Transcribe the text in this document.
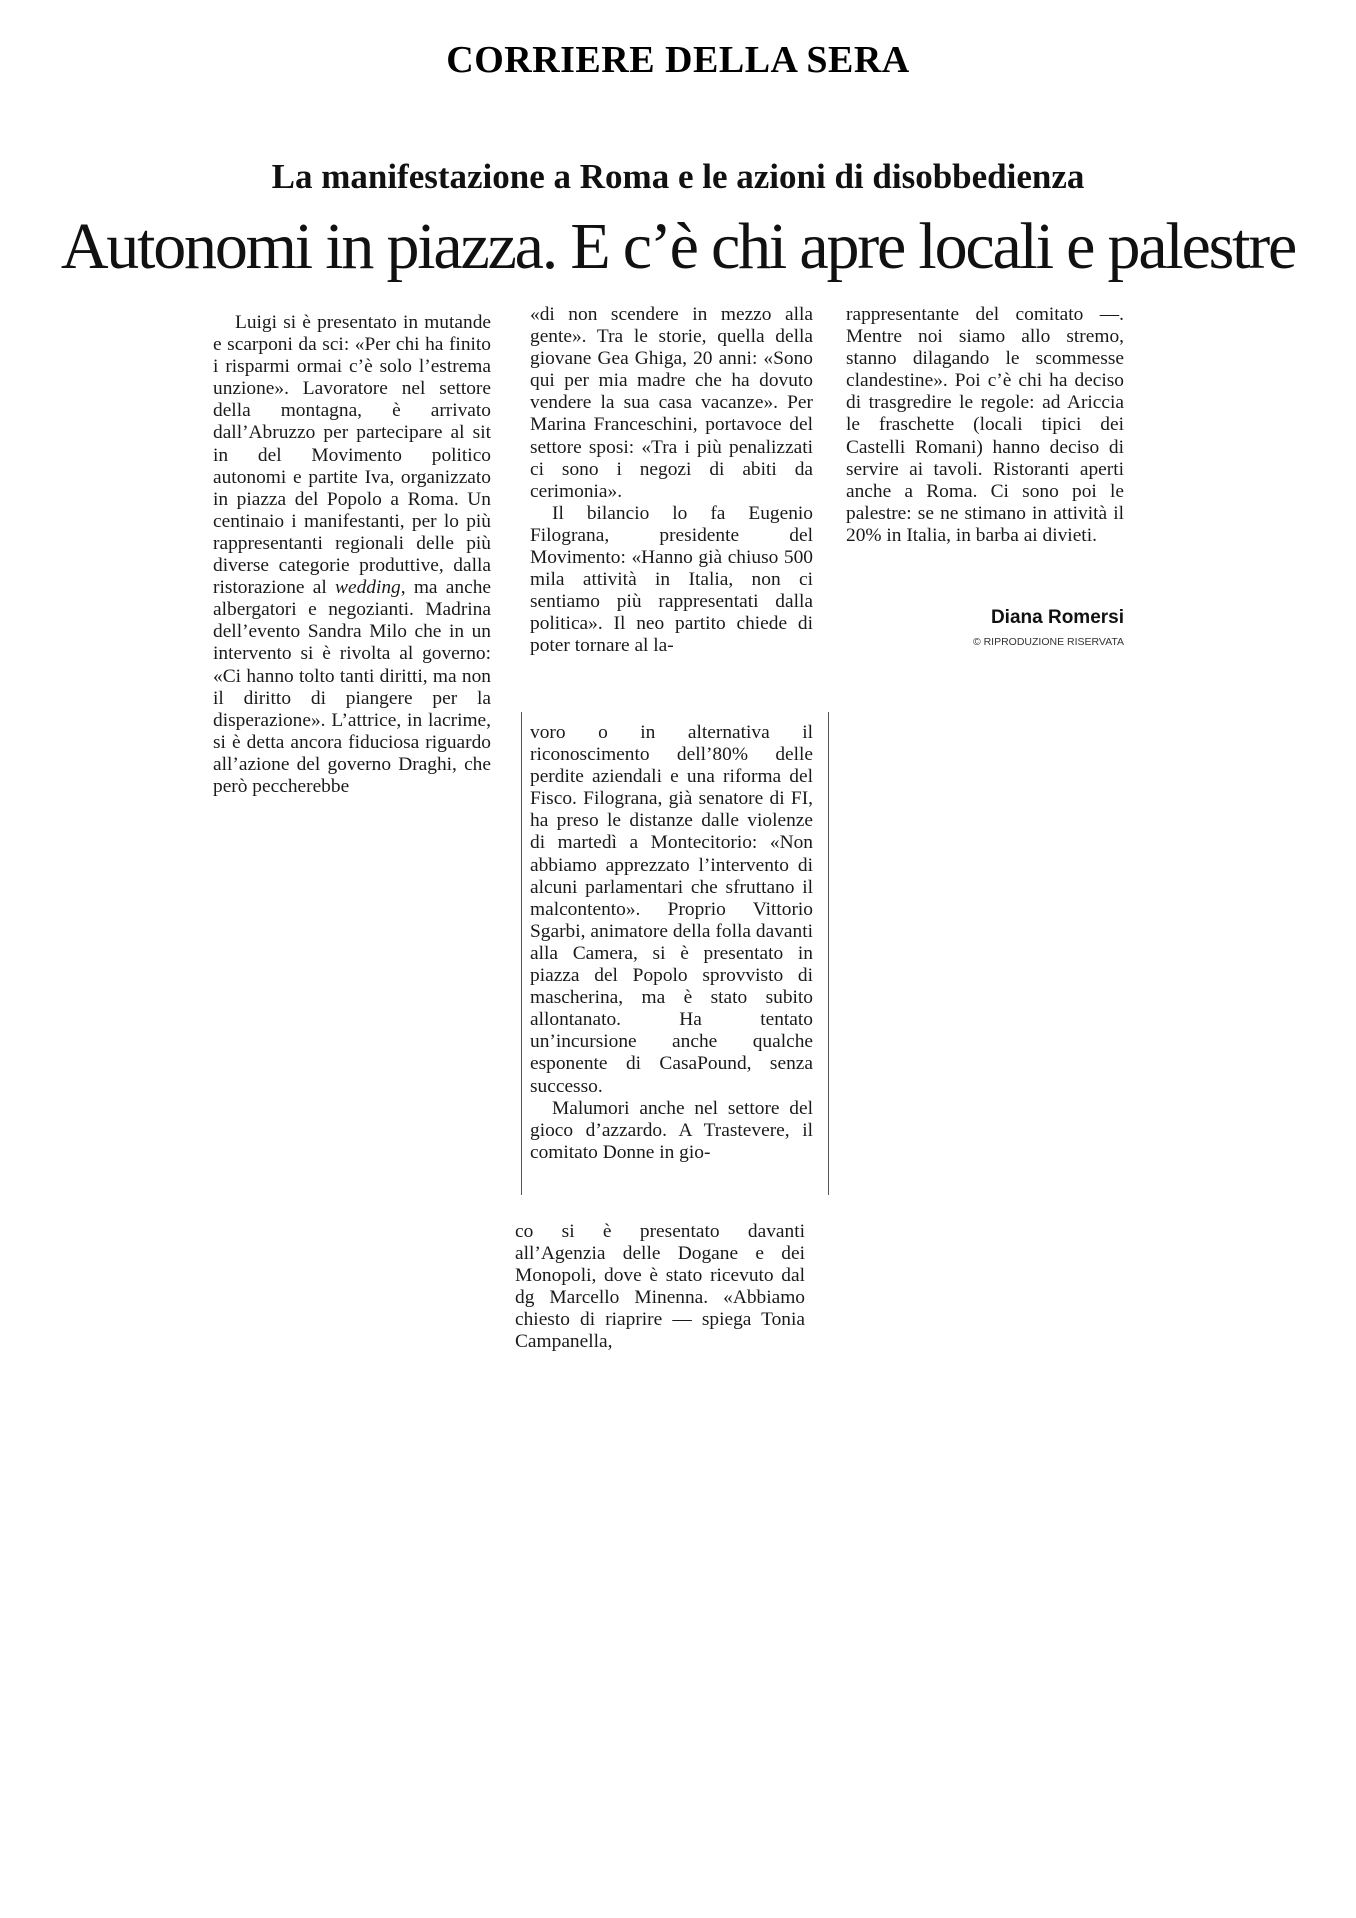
CORRIERE DELLA SERA
La manifestazione a Roma e le azioni di disobbedienza
Autonomi in piazza. E c’è chi apre locali e palestre

Luigi si è presentato in mutande e scarponi da sci: «Per chi ha finito i risparmi ormai c’è solo l’estrema unzione». Lavoratore nel settore della montagna, è arrivato dall’Abruzzo per partecipare al sit in del Movimento politico autonomi e partite Iva, organizzato in piazza del Popolo a Roma. Un centinaio i manifestanti, per lo più rappresentanti regionali delle più diverse categorie produttive, dalla ristorazione al wedding, ma anche albergatori e negozianti. Madrina dell’evento Sandra Milo che in un intervento si è rivolta al governo: «Ci hanno tolto tanti diritti, ma non il diritto di piangere per la disperazione». L’attrice, in lacrime, si è detta ancora fiduciosa riguardo all’azione del governo Draghi, che però peccherebbe

«di non scendere in mezzo alla gente». Tra le storie, quella della giovane Gea Ghiga, 20 anni: «Sono qui per mia madre che ha dovuto vendere la sua casa vacanze». Per Marina Franceschini, portavoce del settore sposi: «Tra i più penalizzati ci sono i negozi di abiti da cerimonia».

Il bilancio lo fa Eugenio Filograna, presidente del Movimento: «Hanno già chiuso 500 mila attività in Italia, non ci sentiamo più rappresentati dalla politica». Il neo partito chiede di poter tornare al la-

voro o in alternativa il riconoscimento dell’80% delle perdite aziendali e una riforma del Fisco. Filograna, già senatore di FI, ha preso le distanze dalle violenze di martedì a Montecitorio: «Non abbiamo apprezzato l’intervento di alcuni parlamentari che sfruttano il malcontento». Proprio Vittorio Sgarbi, animatore della folla davanti alla Camera, si è presentato in piazza del Popolo sprovvisto di mascherina, ma è stato subito allontanato. Ha tentato un’incursione anche qualche esponente di CasaPound, senza successo.

Malumori anche nel settore del gioco d’azzardo. A Trastevere, il comitato Donne in gio-

co si è presentato davanti all’Agenzia delle Dogane e dei Monopoli, dove è stato ricevuto dal dg Marcello Minenna. «Abbiamo chiesto di riaprire — spiega Tonia Campanella,

rappresentante del comitato —. Mentre noi siamo allo stremo, stanno dilagando le scommesse clandestine». Poi c’è chi ha deciso di trasgredire le regole: ad Ariccia le fraschette (locali tipici dei Castelli Romani) hanno deciso di servire ai tavoli. Ristoranti aperti anche a Roma. Ci sono poi le palestre: se ne stimano in attività il 20% in Italia, in barba ai divieti.

Diana Romersi
© RIPRODUZIONE RISERVATA
